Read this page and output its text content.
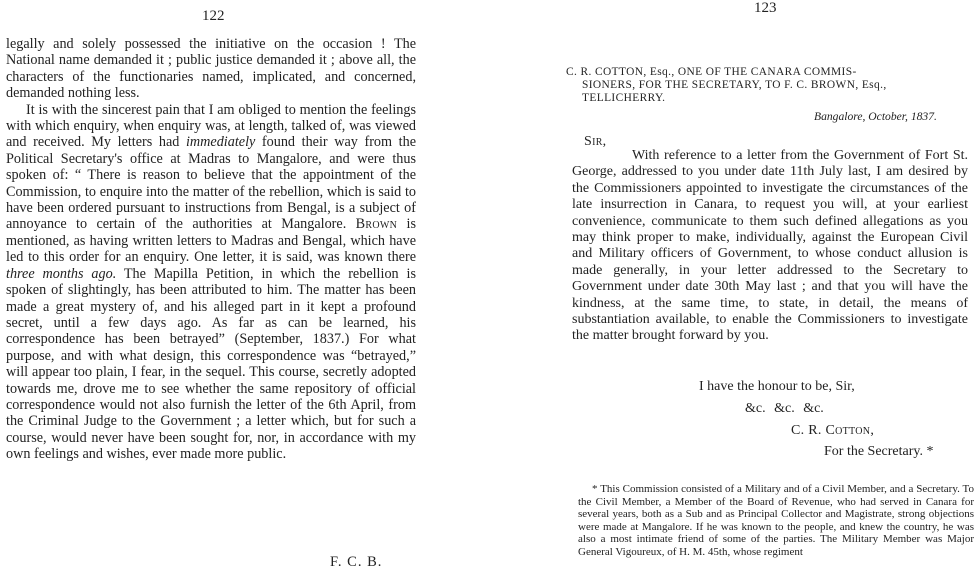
122

legally and solely possessed the initiative on the occasion ! The National name demanded it ; public justice demanded it ; above all, the characters of the functionaries named, implicated, and concerned, demanded nothing less.

It is with the sincerest pain that I am obliged to mention the feelings with which enquiry, when enquiry was, at length, talked of, was viewed and received. My letters had immediately found their way from the Political Secretary's office at Madras to Mangalore, and were thus spoken of: “ There is reason to believe that the appointment of the Commission, to enquire into the matter of the rebellion, which is said to have been ordered pursuant to instructions from Bengal, is a subject of annoyance to certain of the authorities at Mangalore. Brown is mentioned, as having written letters to Madras and Bengal, which have led to this order for an enquiry. One letter, it is said, was known there three months ago. The Mapilla Petition, in which the rebellion is spoken of slightingly, has been attributed to him. The matter has been made a great mystery of, and his alleged part in it kept a profound secret, until a few days ago. As far as can be learned, his correspondence has been betrayed” (September, 1837.) For what purpose, and with what design, this correspondence was “betrayed,” will appear too plain, I fear, in the sequel. This course, secretly adopted towards me, drove me to see whether the same repository of official correspondence would not also furnish the letter of the 6th April, from the Criminal Judge to the Government ; a letter which, but for such a course, would never have been sought for, nor, in accordance with my own feelings and wishes, ever made more public.

F. C. B.
123
C. R. COTTON, Esq., ONE OF THE CANARA COMMIS-
SIONERS, FOR THE SECRETARY, TO F. C. BROWN, Esq.,
TELLICHERRY.
Bangalore, October, 1837.
Sir,

With reference to a letter from the Government of Fort St. George, addressed to you under date 11th July last, I am desired by the Commissioners appointed to investigate the circumstances of the late insurrection in Canara, to request you will, at your earliest convenience, communicate to them such defined allegations as you may think proper to make, individually, against the European Civil and Military officers of Government, to whose conduct allusion is made generally, in your letter addressed to the Secretary to Government under date 30th May last ; and that you will have the kindness, at the same time, to state, in detail, the means of substantiation available, to enable the Commissioners to investigate the matter brought forward by you.

I have the honour to be, Sir,
&c. &c. &c.
C. R. Cotton,
For the Secretary. *

* This Commission consisted of a Military and of a Civil Member, and a Secretary. To the Civil Member, a Member of the Board of Revenue, who had served in Canara for several years, both as a Sub and as Principal Collector and Magistrate, strong objections were made at Mangalore. If he was known to the people, and knew the country, he was also a most intimate friend of some of the parties. The Military Member was Major General Vigoureux, of H. M. 45th, whose regiment
